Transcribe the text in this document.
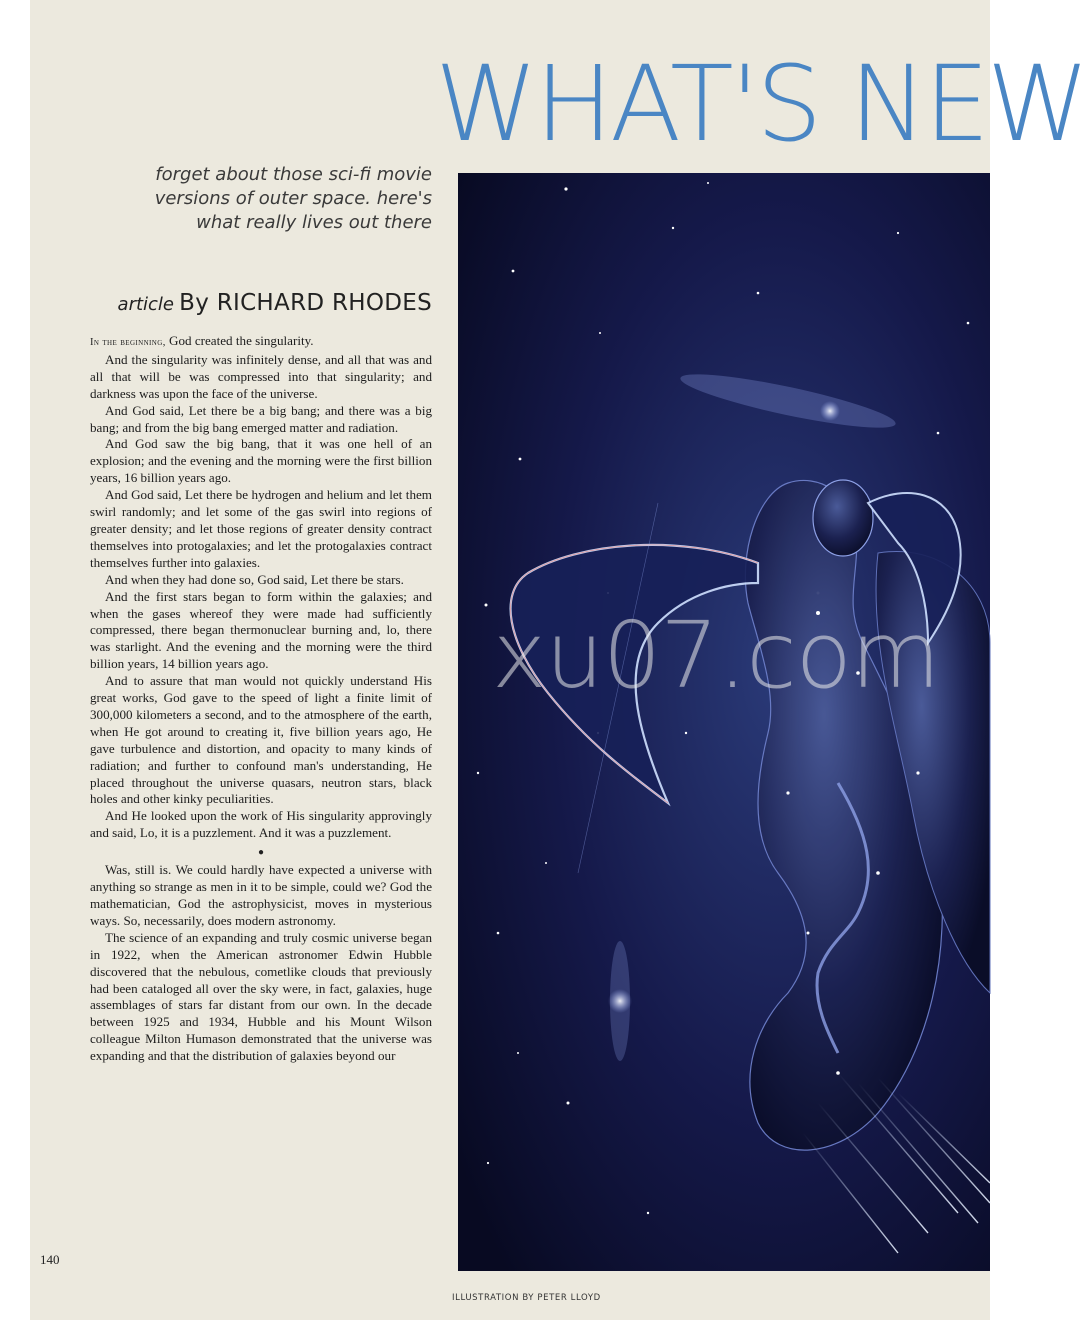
WHAT'S NEW
forget about those sci-fi movie versions of outer space. here's what really lives out there
article By RICHARD RHODES

In the beginning, God created the singularity.

And the singularity was infinitely dense, and all that was and all that will be was compressed into that singularity; and darkness was upon the face of the universe.

And God said, Let there be a big bang; and there was a big bang; and from the big bang emerged matter and radiation.

And God saw the big bang, that it was one hell of an explosion; and the evening and the morning were the first billion years, 16 billion years ago.

And God said, Let there be hydrogen and helium and let them swirl randomly; and let some of the gas swirl into regions of greater density; and let those regions of greater density contract themselves into protogalaxies; and let the protogalaxies contract themselves further into galaxies.

And when they had done so, God said, Let there be stars.

And the first stars began to form within the galaxies; and when the gases whereof they were made had sufficiently compressed, there began thermonuclear burning and, lo, there was starlight. And the evening and the morning were the third billion years, 14 billion years ago.

And to assure that man would not quickly understand His great works, God gave to the speed of light a finite limit of 300,000 kilometers a second, and to the atmosphere of the earth, when He got around to creating it, five billion years ago, He gave turbulence and distortion, and opacity to many kinds of radiation; and further to confound man's understanding, He placed throughout the universe quasars, neutron stars, black holes and other kinky peculiarities.

And He looked upon the work of His singularity approvingly and said, Lo, it is a puzzlement. And it was a puzzlement.

●

Was, still is. We could hardly have expected a universe with anything so strange as men in it to be simple, could we? God the mathematician, God the astrophysicist, moves in mysterious ways. So, necessarily, does modern astronomy.

The science of an expanding and truly cosmic universe began in 1922, when the American astronomer Edwin Hubble discovered that the nebulous, cometlike clouds that previously had been cataloged all over the sky were, in fact, galaxies, huge assemblages of stars far distant from our own. In the decade between 1925 and 1934, Hubble and his Mount Wilson colleague Milton Humason demonstrated that the universe was expanding and that the distribution of galaxies beyond our

140
xu07.com
ILLUSTRATION BY PETER LLOYD
